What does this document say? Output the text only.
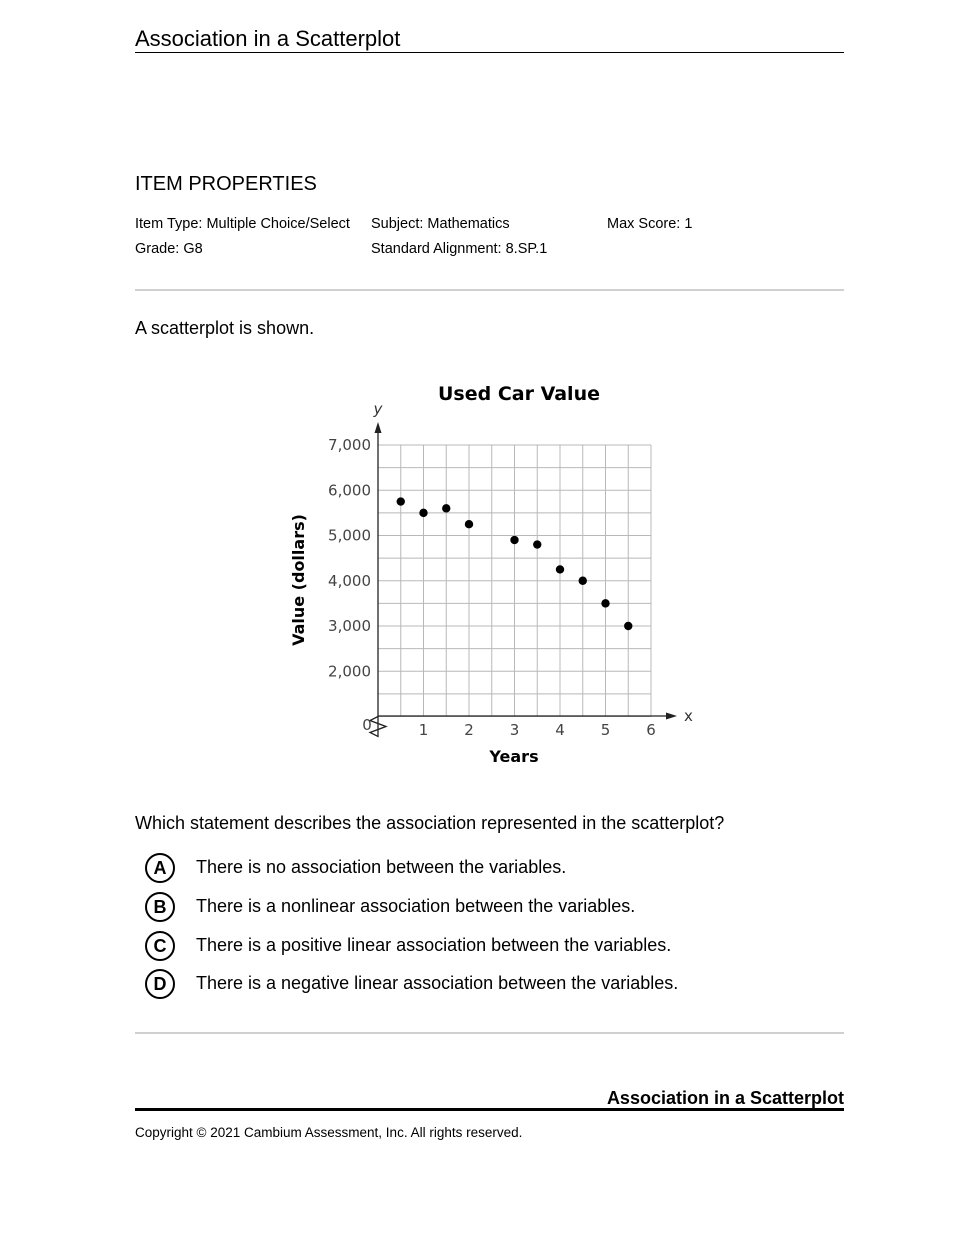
Association in a Scatterplot
ITEM PROPERTIES
Item Type: Multiple Choice/Select Subject: Mathematics	Max Score: 1
Grade: G8	Standard Alignment: 8.SP.1
A scatterplot is shown.
Used Car Value
1 2 3 4 5 6
2,000
3,000
4,000
5,000
6,000
7,000
Years
Value (dollars)
x
y
0
Which statement describes the association represented in the scatterplot?
A	There is no association between the variables.
B	There is a nonlinear association between the variables.
C	There is a positive linear association between the variables.
D	There is a negative linear association between the variables.
Association in a Scatterplot
Copyright © 2021 Cambium Assessment, Inc. All rights reserved.
